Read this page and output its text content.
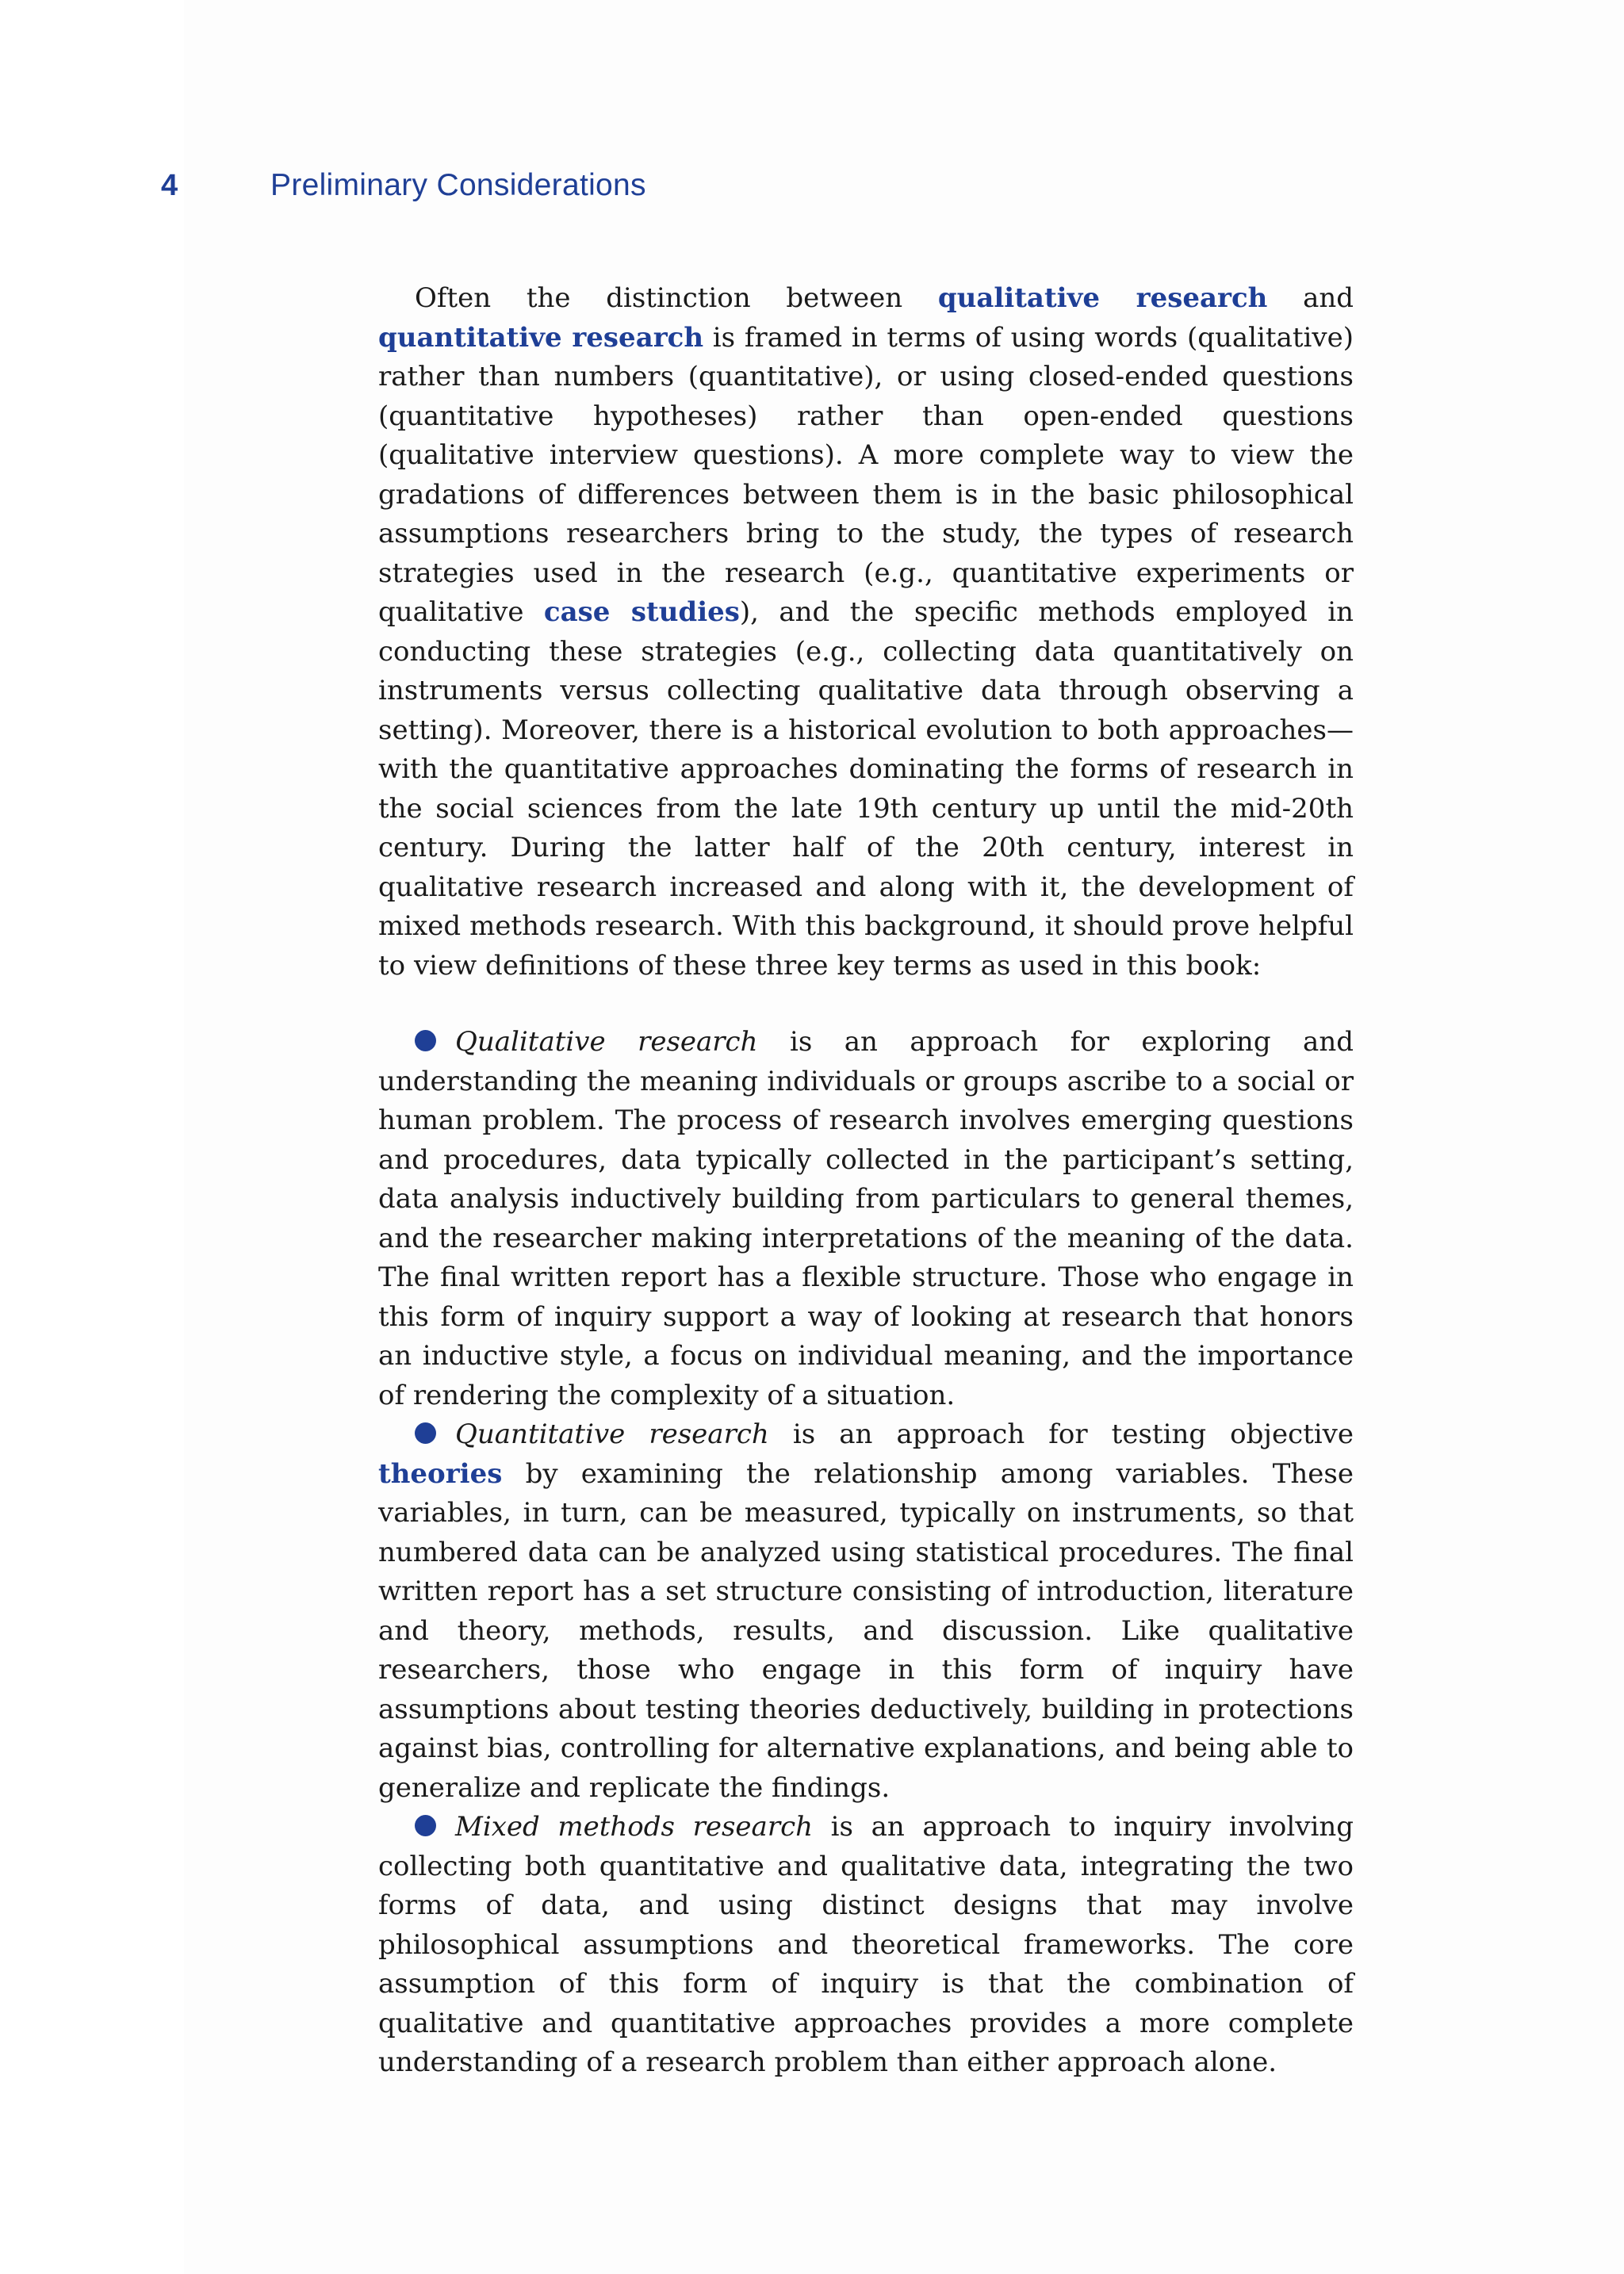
4	Preliminary Considerations

Often the distinction between qualitative research and quantitative research is framed in terms of using words (qualitative) rather than numbers (quantitative), or using closed-ended questions (quantitative hypotheses) rather than open-ended questions (qualitative interview questions). A more complete way to view the gradations of differences between them is in the basic philosophical assumptions researchers bring to the study, the types of research strategies used in the research (e.g., quantitative experiments or qualitative case studies), and the specific methods employed in conducting these strategies (e.g., collecting data quantitatively on instruments versus collecting qualitative data through observing a setting). Moreover, there is a historical evolution to both approaches—with the quantitative approaches dominating the forms of research in the social sciences from the late 19th century up until the mid-20th century. During the latter half of the 20th century, interest in qualitative research increased and along with it, the development of mixed methods research. With this background, it should prove helpful to view definitions of these three key terms as used in this book:

Qualitative research is an approach for exploring and understanding the meaning individuals or groups ascribe to a social or human problem. The process of research involves emerging questions and procedures, data typically collected in the participant’s setting, data analysis inductively building from particulars to general themes, and the researcher making interpretations of the meaning of the data. The final written report has a flexible structure. Those who engage in this form of inquiry support a way of looking at research that honors an inductive style, a focus on individual meaning, and the importance of rendering the complexity of a situation.

Quantitative research is an approach for testing objective theories by examining the relationship among variables. These variables, in turn, can be measured, typically on instruments, so that numbered data can be analyzed using statistical procedures. The final written report has a set structure consisting of introduction, literature and theory, methods, results, and discussion. Like qualitative researchers, those who engage in this form of inquiry have assumptions about testing theories deductively, building in protections against bias, controlling for alternative explanations, and being able to generalize and replicate the findings.

Mixed methods research is an approach to inquiry involving collecting both quantitative and qualitative data, integrating the two forms of data, and using distinct designs that may involve philosophical assumptions and theoretical frameworks. The core assumption of this form of inquiry is that the combination of qualitative and quantitative approaches provides a more complete understanding of a research problem than either approach alone.
